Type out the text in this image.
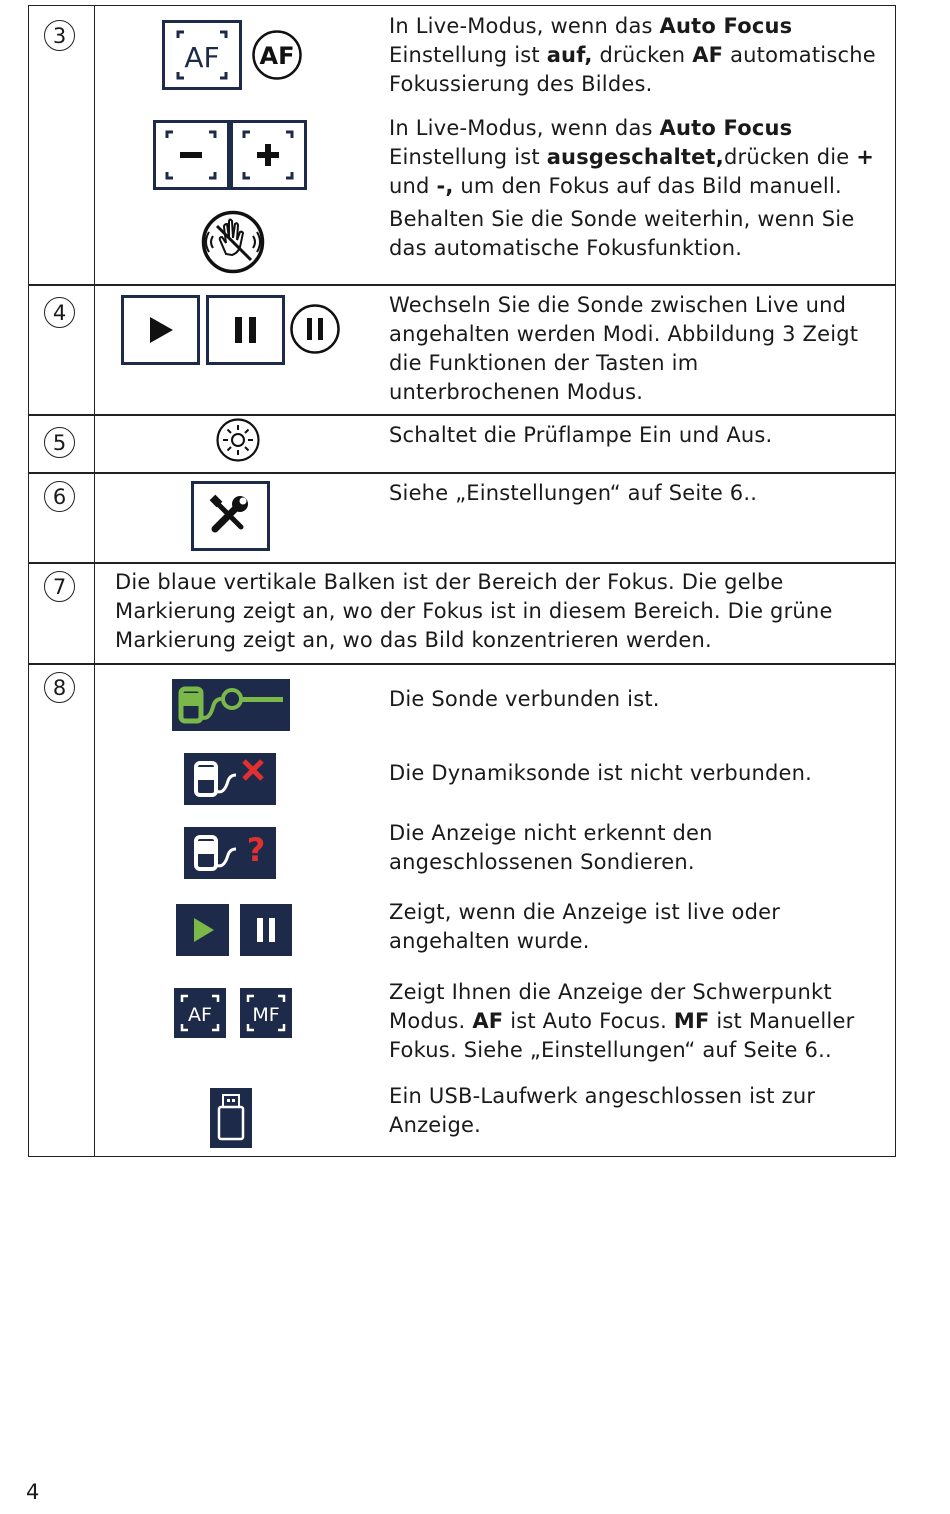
3
AF AF
In Live-Modus, wenn das Auto Focus
Einstellung ist auf, drücken AF automatische
Fokussierung des Bildes.
In Live-Modus, wenn das Auto Focus
Einstellung ist ausgeschaltet,drücken die +
und -, um den Fokus auf das Bild manuell.
Behalten Sie die Sonde weiterhin, wenn Sie
das automatische Fokusfunktion.
4	Wechseln Sie die Sonde zwischen Live und
angehalten werden Modi. Abbildung 3 Zeigt
die Funktionen der Tasten im
unterbrochenen Modus.
5	Schaltet die Prüflampe Ein und Aus.
6	Siehe „Einstellungen“ auf Seite 6..
7	Die blaue vertikale Balken ist der Bereich der Fokus. Die gelbe
Markierung zeigt an, wo der Fokus ist in diesem Bereich. Die grüne
Markierung zeigt an, wo das Bild konzentrieren werden.
8	Die Sonde verbunden ist.
Die Dynamiksonde ist nicht verbunden.
?	Die Anzeige nicht erkennt den
angeschlossenen Sondieren.
Zeigt, wenn die Anzeige ist live oder
angehalten wurde.
AF MF
Zeigt Ihnen die Anzeige der Schwerpunkt
Modus. AF ist Auto Focus. MF ist Manueller
Fokus. Siehe „Einstellungen“ auf Seite 6..
Ein USB-Laufwerk angeschlossen ist zur
Anzeige.
4
